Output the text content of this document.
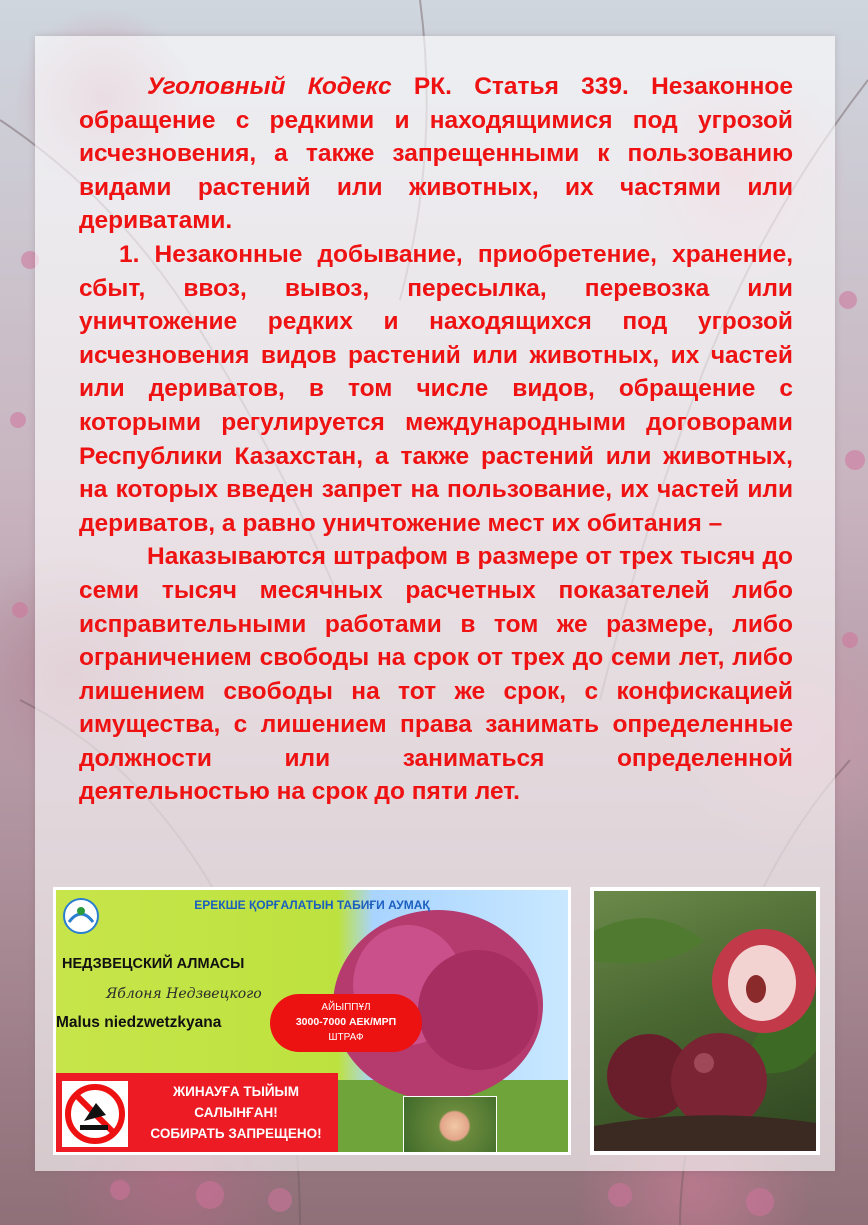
Уголовный Кодекс РК. Статья 339. Незаконное обращение с редкими и находящимися под угрозой исчезновения, а также запрещенными к пользованию видами растений или животных, их частями или дериватами.

1. Незаконные добывание, приобретение, хранение, сбыт, ввоз, вывоз, пересылка, перевозка или уничтожение редких и находящихся под угрозой исчезновения видов растений или животных, их частей или дериватов, в том числе видов, обращение с которыми регулируется международными договорами Республики Казахстан, а также растений или животных, на которых введен запрет на пользование, их частей или дериватов, а равно уничтожение мест их обитания –

Наказываются штрафом в размере от трех тысяч до семи тысяч месячных расчетных показателей либо исправительными работами в том же размере, либо ограничением свободы на срок от трех до семи лет, либо лишением свободы на тот же срок, с конфискацией имущества, с лишением права занимать определенные должности или заниматься определенной деятельностью на срок до пяти лет.

ЕРЕКШЕ ҚОРҒАЛАТЫН ТАБИҒИ АУМАҚ
НЕДЗВЕЦСКИЙ АЛМАСЫ
Яблоня Недзвецкого
Malus niedzwetzkyana
АЙЫППҰЛ
3000-7000 АЕК/МРП
ШТРАФ
ЖИНАУҒА ТЫЙЫМ
САЛЫНҒАН!
СОБИРАТЬ ЗАПРЕЩЕНО!
